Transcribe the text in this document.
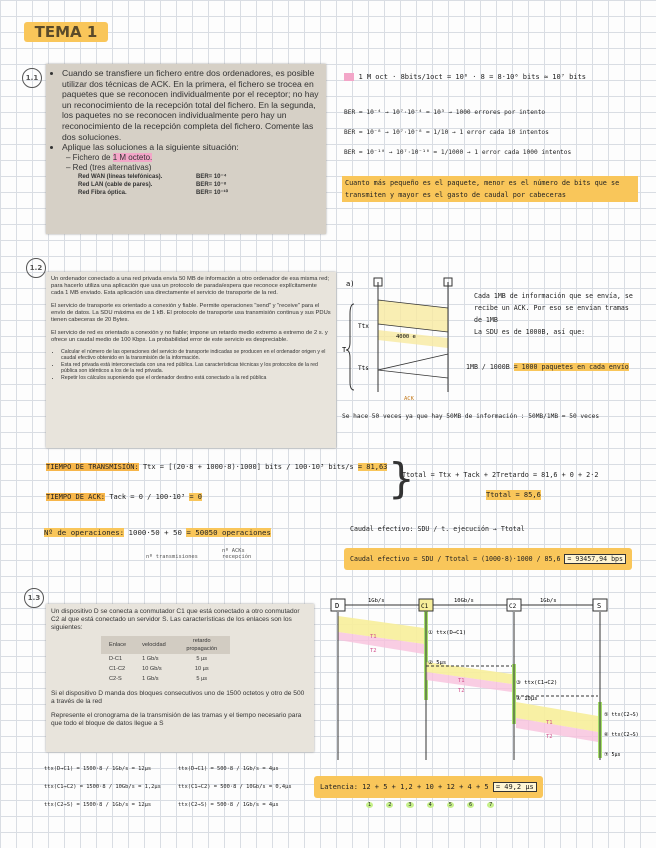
TEMA 1
1.1	• Cuando se transfiere un fichero entre dos ordenadores, es posible utilizar dos técnicas de ACK. En la primera, el fichero se trocea en paquetes que se reconocen individualmente por el receptor; no hay un reconocimiento de la recepción total del fichero. En la segunda, los paquetes no se reconocen individualmente pero hay un reconocimiento de la recepción completa del fichero. Comente las dos soluciones.
• Aplique las soluciones a la siguiente situación:
– Fichero de 1 M octeto.
– Red (tres alternativas)
Red WAN (líneas telefónicas).	BER= 10⁻⁴
Red LAN (cable de pares).	BER= 10⁻⁸
Red Fibra óptica.	BER= 10⁻¹⁰
1 M oct · 8bits/1oct = 10⁶ · 8 = 8·10⁶ bits ≈ 10⁷ bits
BER = 10⁻⁴ → 10⁷·10⁻⁴ = 10³ → 1000 errores por intento
BER = 10⁻⁸ → 10⁷·10⁻⁸ = 1/10 → 1 error cada 10 intentos
BER = 10⁻¹⁰ → 10⁷·10⁻¹⁰ = 1/1000 → 1 error cada 1000 intentos
Cuanto más pequeño es el paquete, menor es el número de bits que se transmiten y mayor es el gasto de caudal por cabeceras
1.2
Un ordenador conectado a una red privada envía 50 MB de información a otro ordenador de esa misma red; para hacerlo utiliza una aplicación que usa un protocolo de parada/espera que reconoce explícitamente cada 1 MB enviado. Esta aplicación usa directamente el servicio de transporte de la red.
El servicio de transporte es orientado a conexión y fiable. Permite operaciones "send" y "receive" para el envío de datos. La SDU máxima es de 1 kB. El protocolo de transporte usa transmisión continua y sus PDUs tienen cabeceras de 20 Bytes.
El servicio de red es orientado a conexión y no fiable; impone un retardo medio extremo a extremo de 2 s. y ofrece un caudal medio de 100 Kbps. La probabilidad error de este servicio es despreciable.
• Calcular el número de las operaciones del servicio de transporte indicadas se producen en el ordenador origen y el caudal efectivo obtenido en la transmisión de la información.
• Esta red privada está interconectada con una red pública. Las características técnicas y los protocolos de la red pública son idénticos a los de la red privada.
• Repetir los cálculos suponiendo que el ordenador destino está conectado a la red pública
a)
T
Ttx
Tts
4000 e
ACK
Cada 1MB de información que se envía, se recibe un ACK. Por eso se envían tramas de 1MB
La SDU es de 1000B, así que:
1MB / 1000B = 1000 paquetes en cada envío
Se hace 50 veces ya que hay 50MB de información : 50MB/1MB = 50 veces
TIEMPO DE TRANSMISIÓN: Ttx = [(20·8 + 1000·8)·1000] bits / 100·10³ bits/s = 81,63
TIEMPO DE ACK: Tack = 0 / 100·10³ = 0	}
Ttotal = Ttx + Tack + 2Tretardo = 81,6 + 0 + 2·2
Ttotal = 85,6
Nº de operaciones: 1000·50 + 50 = 50050 operaciones
nº transmisiones
nº ACKs recepción
Caudal efectivo: SDU / t. ejecución → Ttotal
Caudal efectivo = SDU / Ttotal = (1000·8)·1000 / 85,6 = 93457,94 bps
1.3
Un dispositivo D se conecta a conmutador C1 que está conectado a otro conmutador C2 al que está conectado un servidor S. Las características de los enlaces son los siguientes:
Enlace	velocidad	retardo propagación
D-C1	1 Gb/s	5 µs
C1-C2	10 Gb/s	10 µs
C2-S	1 Gb/s	5 µs
Si el dispositivo D manda dos bloques consecutivos uno de 1500 octetos y otro de 500 a través de la red
Represente el cronograma de la transmisión de las tramas y el tiempo necesario para que todo el bloque de datos llegue a S
D	C1	C2	S
1Gb/s	10Gb/s	1Gb/s
T1
T2
T1
T2
T1
T2
① ttx(D→C1)
② 5µs
③ ttx(C1→C2)
④ 10µs
⑤ ttx(C2→S)
⑥ ttx(C2→S)
⑦ 5µs
ttx(D→C1) = 1500·8 / 1Gb/s = 12µs
ttx(C1→C2) = 1500·8 / 10Gb/s = 1,2µs
ttx(C2→S) = 1500·8 / 1Gb/s = 12µs
ttx(D→C1) = 500·8 / 1Gb/s = 4µs
ttx(C1→C2) = 500·8 / 10Gb/s = 0,4µs
ttx(C2→S) = 500·8 / 1Gb/s = 4µs
Latencia: 12 + 5 + 1,2 + 10 + 12 + 4 + 5 = 49,2 µs
1	2	3	4	5	6	7
